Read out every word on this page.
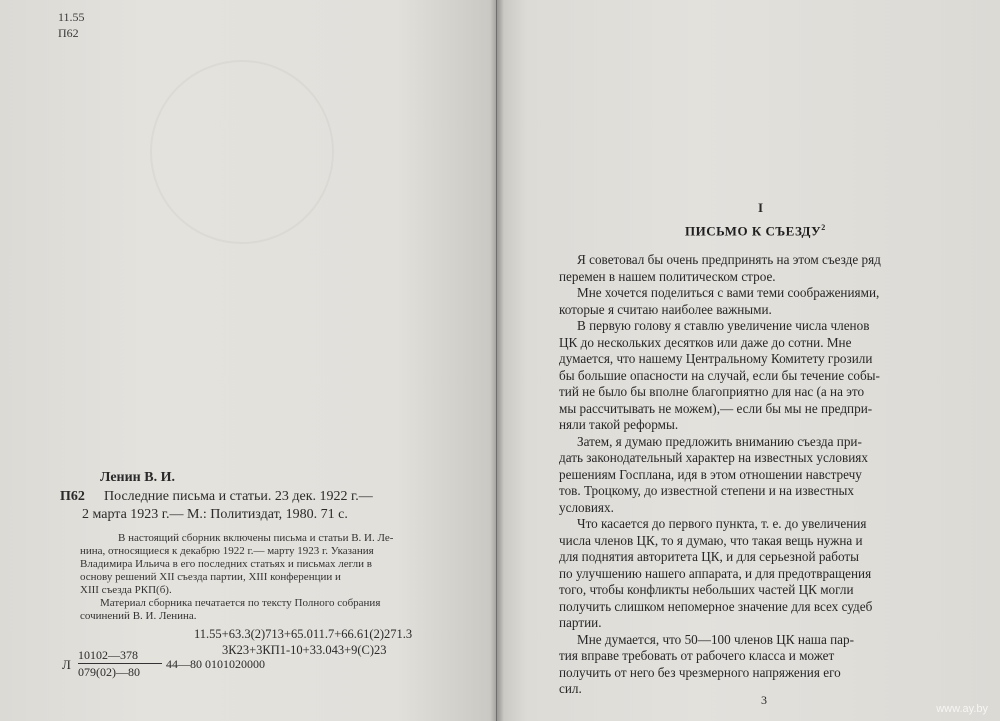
11.55
П62
Ленин В. И.
П62 Последние письма и статьи. 23 дек. 1922 г.—
2 марта 1923 г.— М.: Политиздат, 1980. 71 с.
В настоящий сборник включены письма и статьи В. И. Ле-
нина, относящиеся к декабрю 1922 г.— марту 1923 г. Указания
Владимира Ильича в его последних статьях и письмах легли в
основу решений XII съезда партии, XIII конференции и
XIII съезда РКП(б).
Материал сборника печатается по тексту Полного собрания
сочинений В. И. Ленина.
11.55+63.3(2)713+65.011.7+66.61(2)271.3
3К23+3КП1-10+33.043+9(С)23
Л
10102—378
079(02)—80
44—80 0101020000
I
ПИСЬМО К СЪЕЗДУ$^2$
Я советовал бы очень предпринять на этом съезде ряд
перемен в нашем политическом строе.
Мне хочется поделиться с вами теми соображениями,
которые я считаю наиболее важными.
В первую голову я ставлю увеличение числа членов
ЦК до нескольких десятков или даже до сотни. Мне
думается, что нашему Центральному Комитету грозили
бы большие опасности на случай, если бы течение собы-
тий не было бы вполне благоприятно для нас (а на это
мы рассчитывать не можем),— если бы мы не предпри-
няли такой реформы.
Затем, я думаю предложить вниманию съезда при-
дать законодательный характер на известных условиях
решениям Госплана, идя в этом отношении навстречу
тов. Троцкому, до известной степени и на известных
условиях.
Что касается до первого пункта, т. е. до увеличения
числа членов ЦК, то я думаю, что такая вещь нужна и
для поднятия авторитета ЦК, и для серьезной работы
по улучшению нашего аппарата, и для предотвращения
того, чтобы конфликты небольших частей ЦК могли
получить слишком непомерное значение для всех судеб
партии.
Мне думается, что 50—100 членов ЦК наша пар-
тия вправе требовать от рабочего класса и может
получить от него без чрезмерного напряжения его
сил.
3
www.ay.by
